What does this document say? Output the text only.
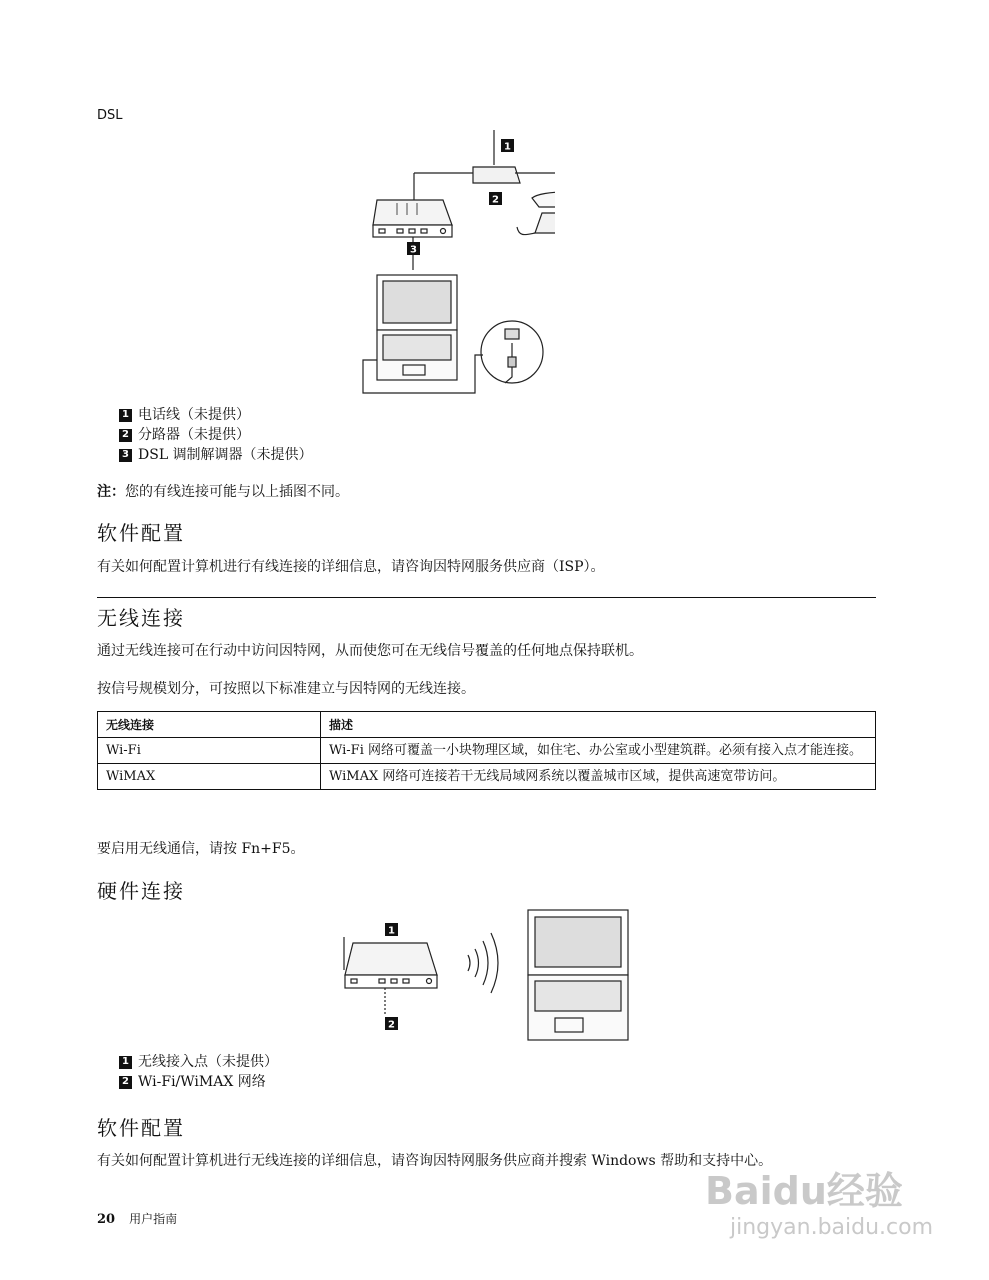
DSL
1
2
3
1 电话线（未提供）
2 分路器（未提供）
3 DSL 调制解调器（未提供）
注：您的有线连接可能与以上插图不同。
软件配置
有关如何配置计算机进行有线连接的详细信息，请咨询因特网服务供应商（ISP）。
无线连接
通过无线连接可在行动中访问因特网，从而使您可在无线信号覆盖的任何地点保持联机。
按信号规模划分，可按照以下标准建立与因特网的无线连接。
无线连接	描述
Wi-Fi	Wi-Fi 网络可覆盖一小块物理区域，如住宅、办公室或小型建筑群。必须有接入点才能连接。
WiMAX	WiMAX 网络可连接若干无线局域网系统以覆盖城市区域，提供高速宽带访问。
要启用无线通信，请按 Fn+F5。
硬件连接
1
2
1 无线接入点（未提供）
2 Wi-Fi/WiMAX 网络
软件配置
有关如何配置计算机进行无线连接的详细信息，请咨询因特网服务供应商并搜索 Windows 帮助和支持中心。
20 用户指南
Baidu经验
jingyan.baidu.com
